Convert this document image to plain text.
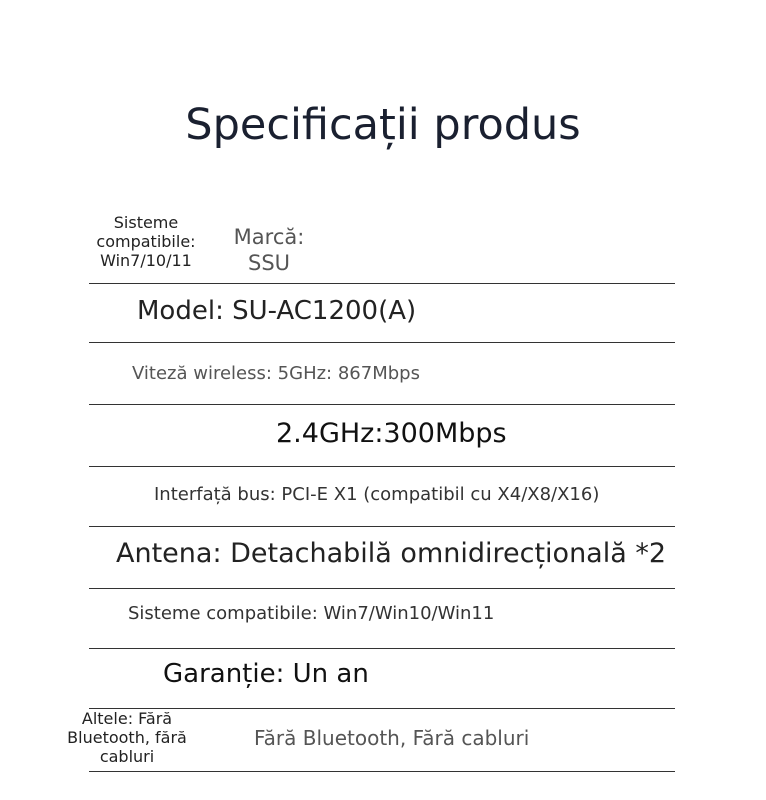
Specificații produs
Sisteme
compatibile:
Win7/10/11
Marcă:
SSU
Model: SU-AC1200(A)
Viteză wireless: 5GHz: 867Mbps
2.4GHz:300Mbps
Interfață bus: PCI-E X1 (compatibil cu X4/X8/X16)
Antena: Detachabilă omnidirecțională *2
Sisteme compatibile: Win7/Win10/Win11
Garanție: Un an
Altele: Fără
Bluetooth, fără
cabluri
Fără Bluetooth, Fără cabluri
